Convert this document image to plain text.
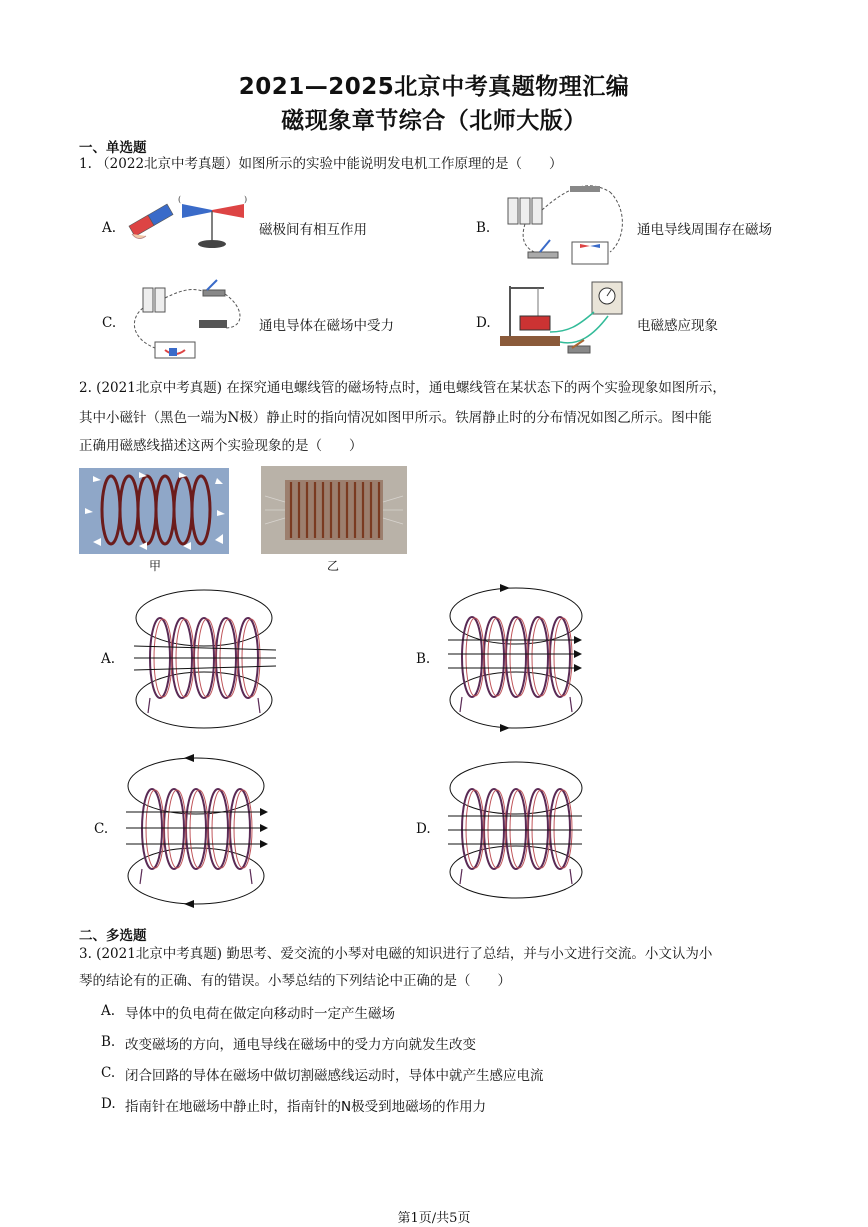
2021—2025北京中考真题物理汇编
磁现象章节综合（北师大版）
一、单选题
1. （2022北京中考真题）如图所示的实验中能说明发电机工作原理的是（　　）
A.
(	)
磁极间有相互作用	B.	通电导线周围存在磁场
C.	通电导体在磁场中受力	D.	电磁感应现象
2. (2021北京中考真题) 在探究通电螺线管的磁场特点时，通电螺线管在某状态下的两个实验现象如图所示，
其中小磁针（黑色一端为N极）静止时的指向情况如图甲所示。铁屑静止时的分布情况如图乙所示。图中能
正确用磁感线描述这两个实验现象的是（　　）
甲	乙
A.	B.
C.	D.
二、多选题
3. (2021北京中考真题) 勤思考、爱交流的小琴对电磁的知识进行了总结，并与小文进行交流。小文认为小
琴的结论有的正确、有的错误。小琴总结的下列结论中正确的是（　　）
A. 导体中的负电荷在做定向移动时一定产生磁场
B. 改变磁场的方向，通电导线在磁场中的受力方向就发生改变
C. 闭合回路的导体在磁场中做切割磁感线运动时，导体中就产生感应电流
D. 指南针在地磁场中静止时，指南针的N极受到地磁场的作用力
第1页/共5页
